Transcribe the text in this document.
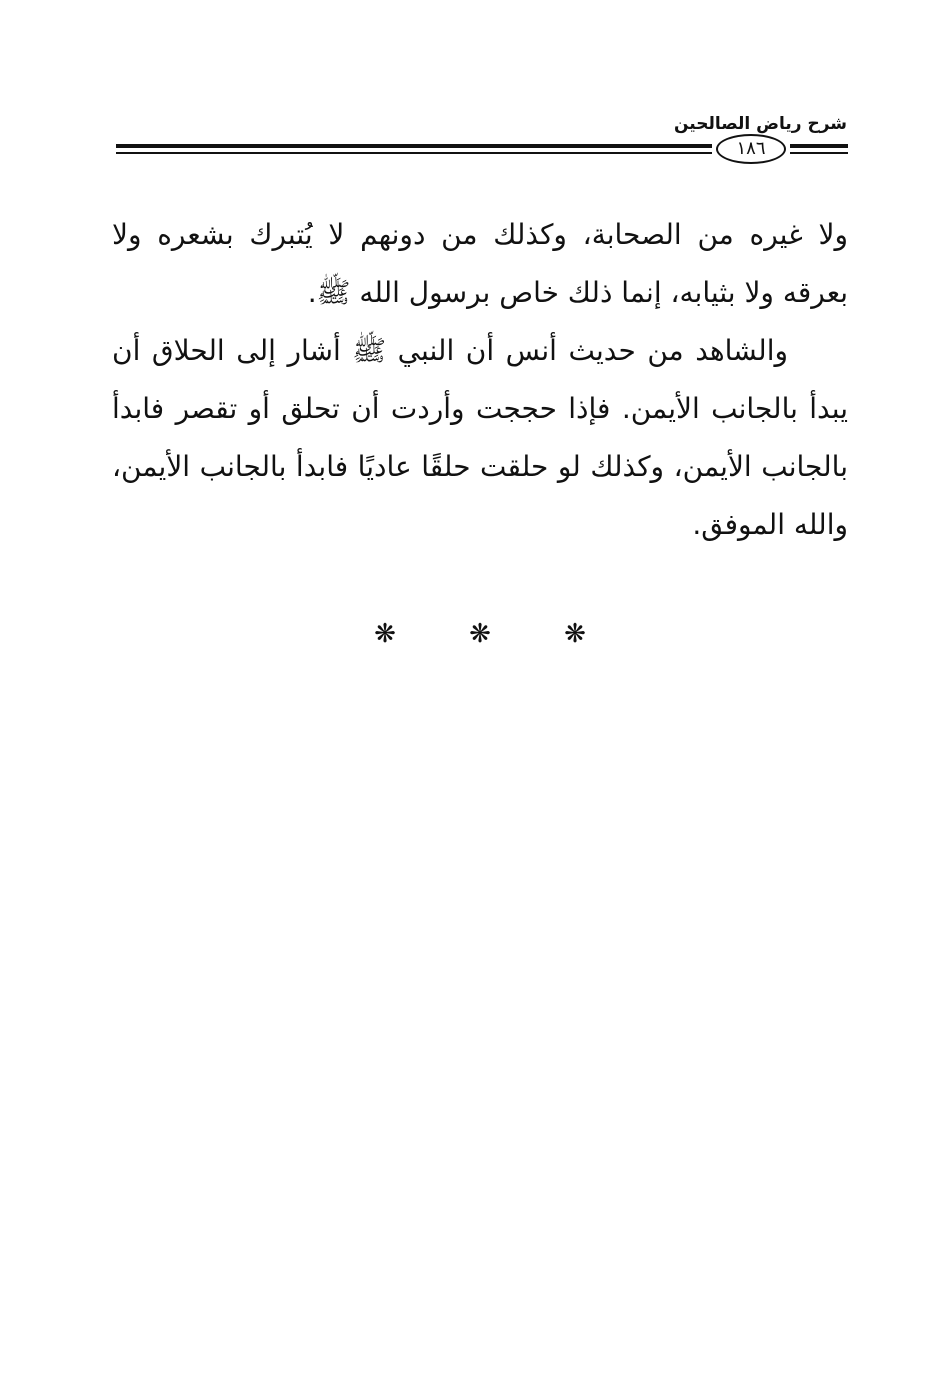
شرح رياض الصالحين
١٨٦

ولا غيره من الصحابة، وكذلك من دونهم لا يُتبرك بشعره ولا بعرقه ولا بثيابه، إنما ذلك خاص برسول الله ﷺ.

والشاهد من حديث أنس أن النبي ﷺ أشار إلى الحلاق أن يبدأ بالجانب الأيمن. فإذا حججت وأردت أن تحلق أو تقصر فابدأ بالجانب الأيمن، وكذلك لو حلقت حلقًا عاديًا فابدأ بالجانب الأيمن، والله الموفق.

❋	❋	❋
